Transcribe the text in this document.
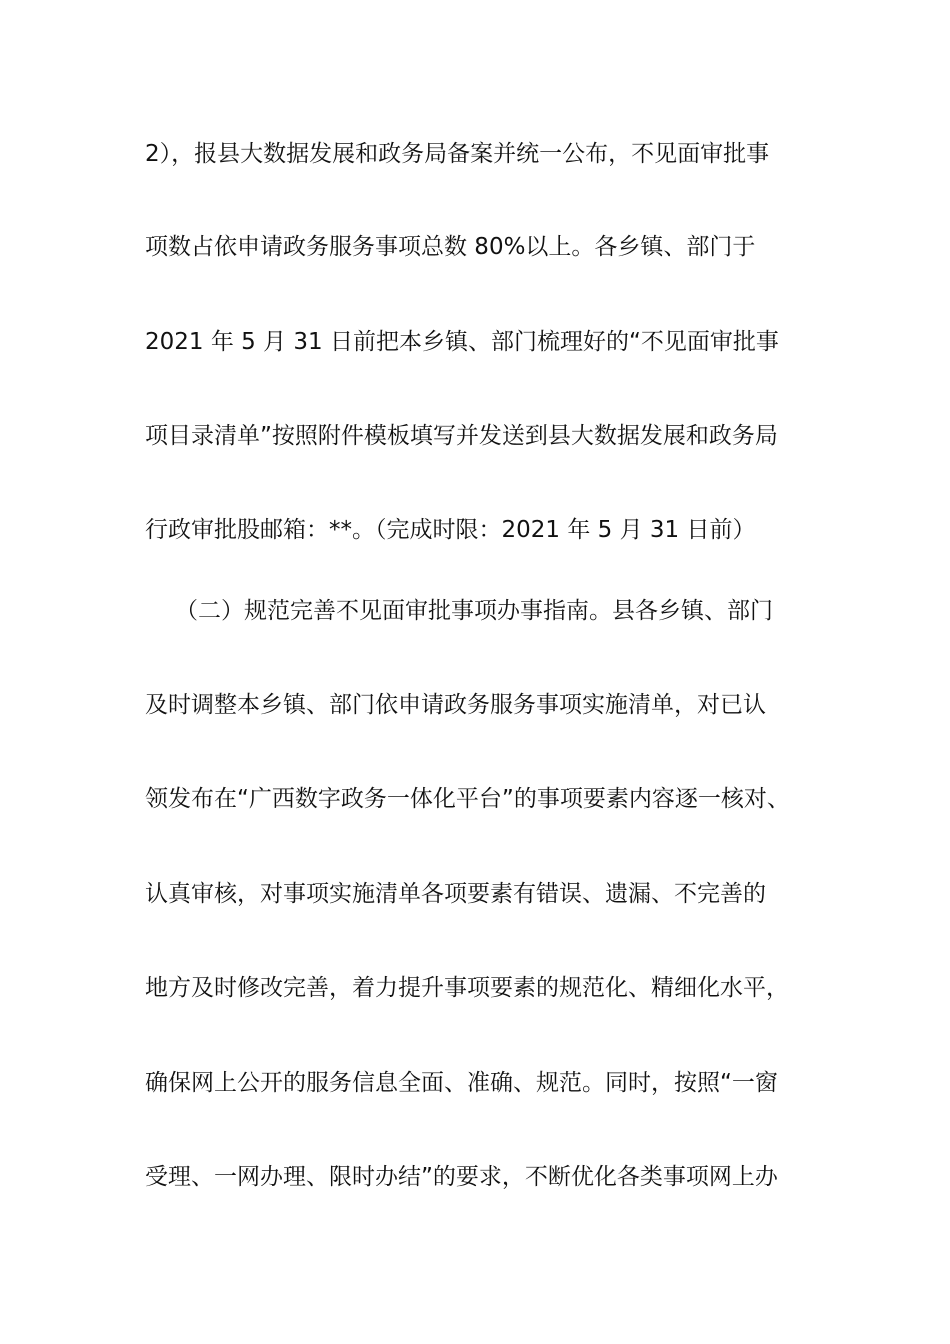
2），报县大数据发展和政务局备案并统一公布，不见面审批事
项数占依申请政务服务事项总数 80%以上。各乡镇、部门于
2021 年 5 月 31 日前把本乡镇、部门梳理好的“不见面审批事
项目录清单”按照附件模板填写并发送到县大数据发展和政务局
行政审批股邮箱：**。（完成时限：2021 年 5 月 31 日前）
（二）规范完善不见面审批事项办事指南。县各乡镇、部门
及时调整本乡镇、部门依申请政务服务事项实施清单，对已认
领发布在“广西数字政务一体化平台”的事项要素内容逐一核对、
认真审核，对事项实施清单各项要素有错误、遗漏、不完善的
地方及时修改完善，着力提升事项要素的规范化、精细化水平，
确保网上公开的服务信息全面、准确、规范。同时，按照“一窗
受理、一网办理、限时办结”的要求，不断优化各类事项网上办
